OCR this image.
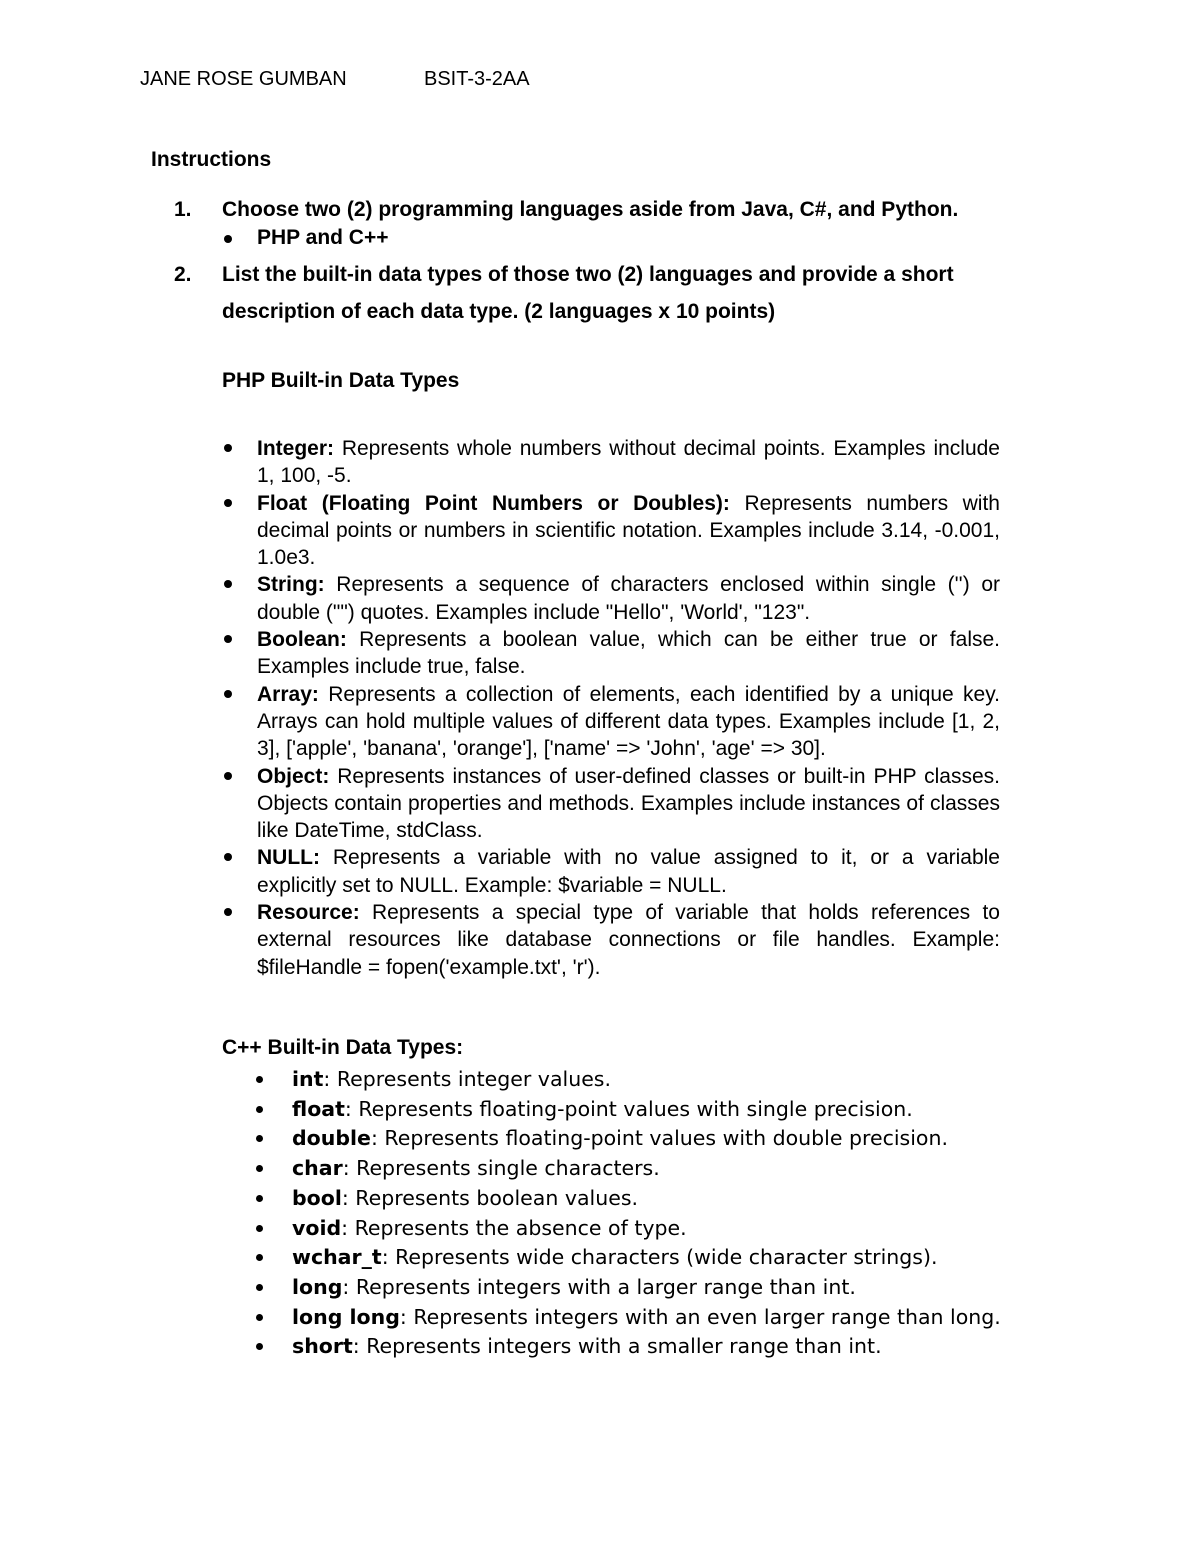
JANE ROSE GUMBAN	BSIT-3-2AA
Instructions
1. Choose two (2) programming languages aside from Java, C#, and Python.
PHP and C++
2. List the built-in data types of those two (2) languages and provide a short description of each data type. (2 languages x 10 points)
PHP Built-in Data Types
Integer: Represents whole numbers without decimal points. Examples include 1, 100, -5.
Float (Floating Point Numbers or Doubles): Represents numbers with decimal points or numbers in scientific notation. Examples include 3.14, -0.001, 1.0e3.
String: Represents a sequence of characters enclosed within single ('') or double ("") quotes. Examples include "Hello", 'World', "123".
Boolean: Represents a boolean value, which can be either true or false. Examples include true, false.
Array: Represents a collection of elements, each identified by a unique key. Arrays can hold multiple values of different data types. Examples include [1, 2, 3], ['apple', 'banana', 'orange'], ['name' => 'John', 'age' => 30].
Object: Represents instances of user-defined classes or built-in PHP classes. Objects contain properties and methods. Examples include instances of classes like DateTime, stdClass.
NULL: Represents a variable with no value assigned to it, or a variable explicitly set to NULL. Example: $variable = NULL.
Resource: Represents a special type of variable that holds references to external resources like database connections or file handles. Example: $fileHandle = fopen('example.txt', 'r').
C++ Built-in Data Types:
int: Represents integer values.
float: Represents floating-point values with single precision.
double: Represents floating-point values with double precision.
char: Represents single characters.
bool: Represents boolean values.
void: Represents the absence of type.
wchar_t: Represents wide characters (wide character strings).
long: Represents integers with a larger range than int.
long long: Represents integers with an even larger range than long.
short: Represents integers with a smaller range than int.
